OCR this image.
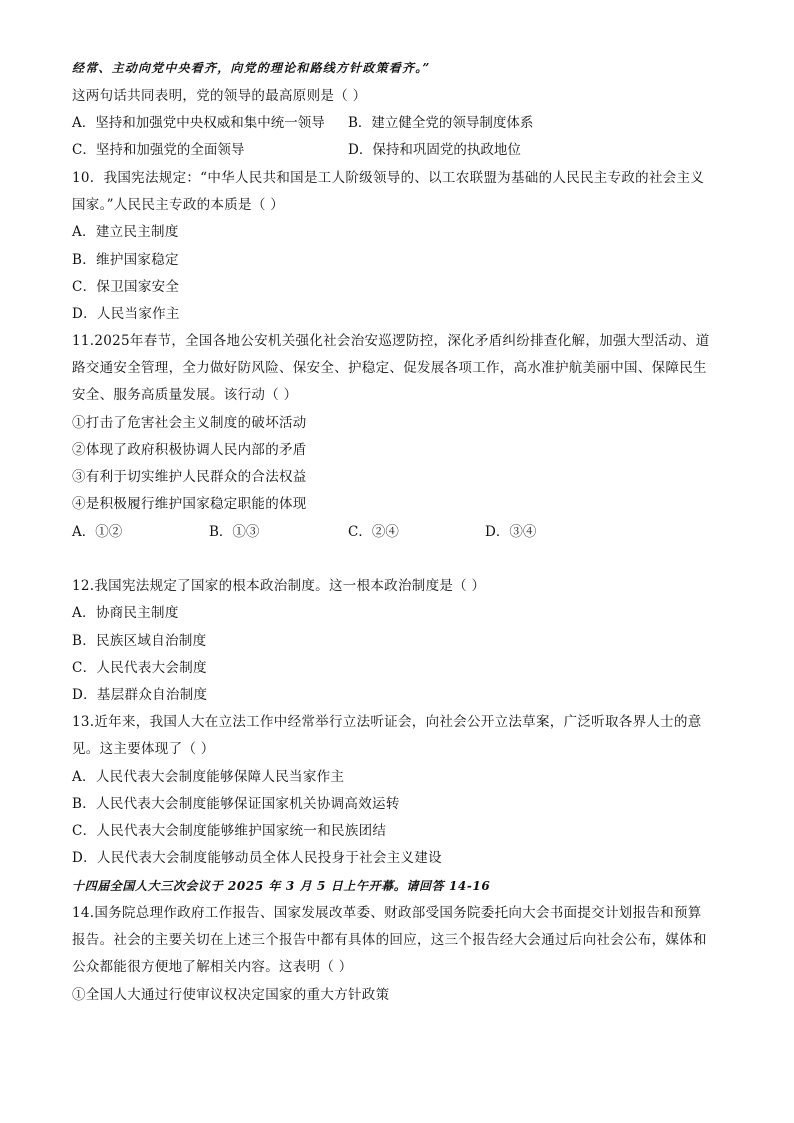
经常、主动向党中央看齐，向党的理论和路线方针政策看齐。”
这两句话共同表明，党的领导的最高原则是（ ）
A．坚持和加强党中央权威和集中统一领导 B．建立健全党的领导制度体系
C．坚持和加强党的全面领导	D．保持和巩固党的执政地位
10．我国宪法规定：“中华人民共和国是工人阶级领导的、以工农联盟为基础的人民民主专政的社会主义
国家。”人民民主专政的本质是（ ）
A．建立民主制度
B．维护国家稳定
C．保卫国家安全
D．人民当家作主
11.2025年春节，全国各地公安机关强化社会治安巡逻防控，深化矛盾纠纷排查化解，加强大型活动、道
路交通安全管理，全力做好防风险、保安全、护稳定、促发展各项工作，高水准护航美丽中国、保障民生
安全、服务高质量发展。该行动（ ）
①打击了危害社会主义制度的破坏活动
②体现了政府积极协调人民内部的矛盾
③有利于切实维护人民群众的合法权益
④是积极履行维护国家稳定职能的体现
A．①②	B．①③	C．②④	D．③④
12.我国宪法规定了国家的根本政治制度。这一根本政治制度是（ ）
A．协商民主制度
B．民族区域自治制度
C．人民代表大会制度
D．基层群众自治制度
13.近年来，我国人大在立法工作中经常举行立法听证会，向社会公开立法草案，广泛听取各界人士的意
见。这主要体现了（ ）
A．人民代表大会制度能够保障人民当家作主
B．人民代表大会制度能够保证国家机关协调高效运转
C．人民代表大会制度能够维护国家统一和民族团结
D．人民代表大会制度能够动员全体人民投身于社会主义建设
十四届全国人大三次会议于 2025 年 3 月 5 日上午开幕。请回答 14-16
14.国务院总理作政府工作报告、国家发展改革委、财政部受国务院委托向大会书面提交计划报告和预算
报告。社会的主要关切在上述三个报告中都有具体的回应，这三个报告经大会通过后向社会公布，媒体和
公众都能很方便地了解相关内容。这表明（ ）
①全国人大通过行使审议权决定国家的重大方针政策
